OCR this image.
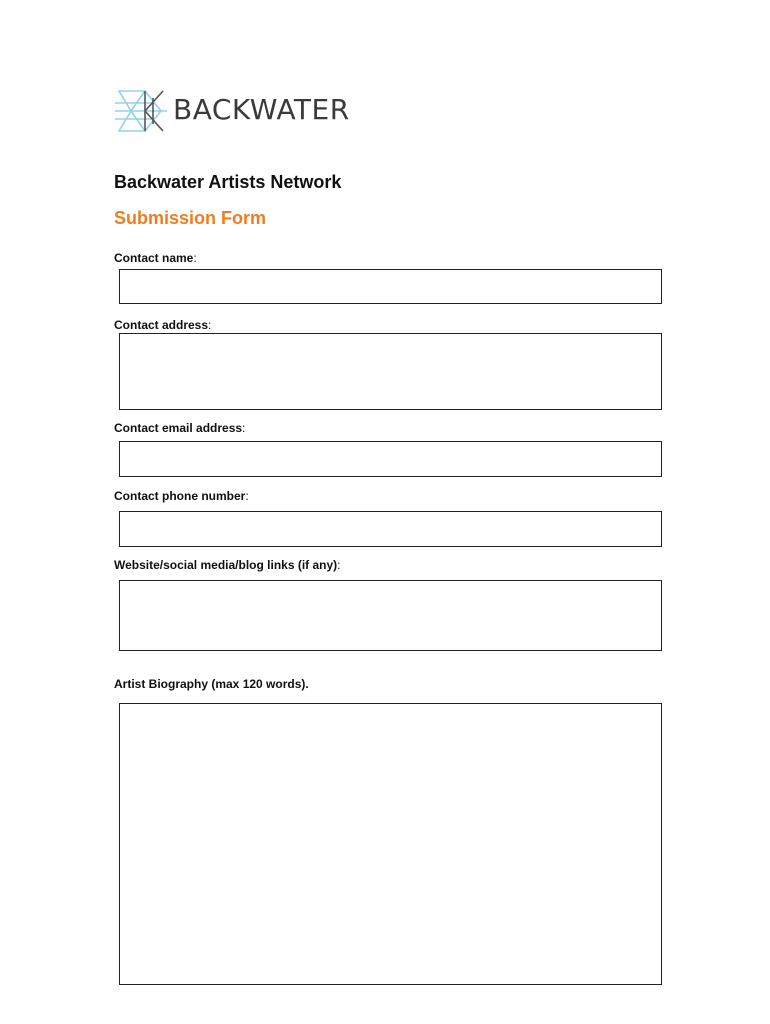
BACKWATER
Backwater Artists Network
Submission Form
Contact name:
Contact address:
Contact email address:
Contact phone number:
Website/social media/blog links (if any):
Artist Biography (max 120 words).
